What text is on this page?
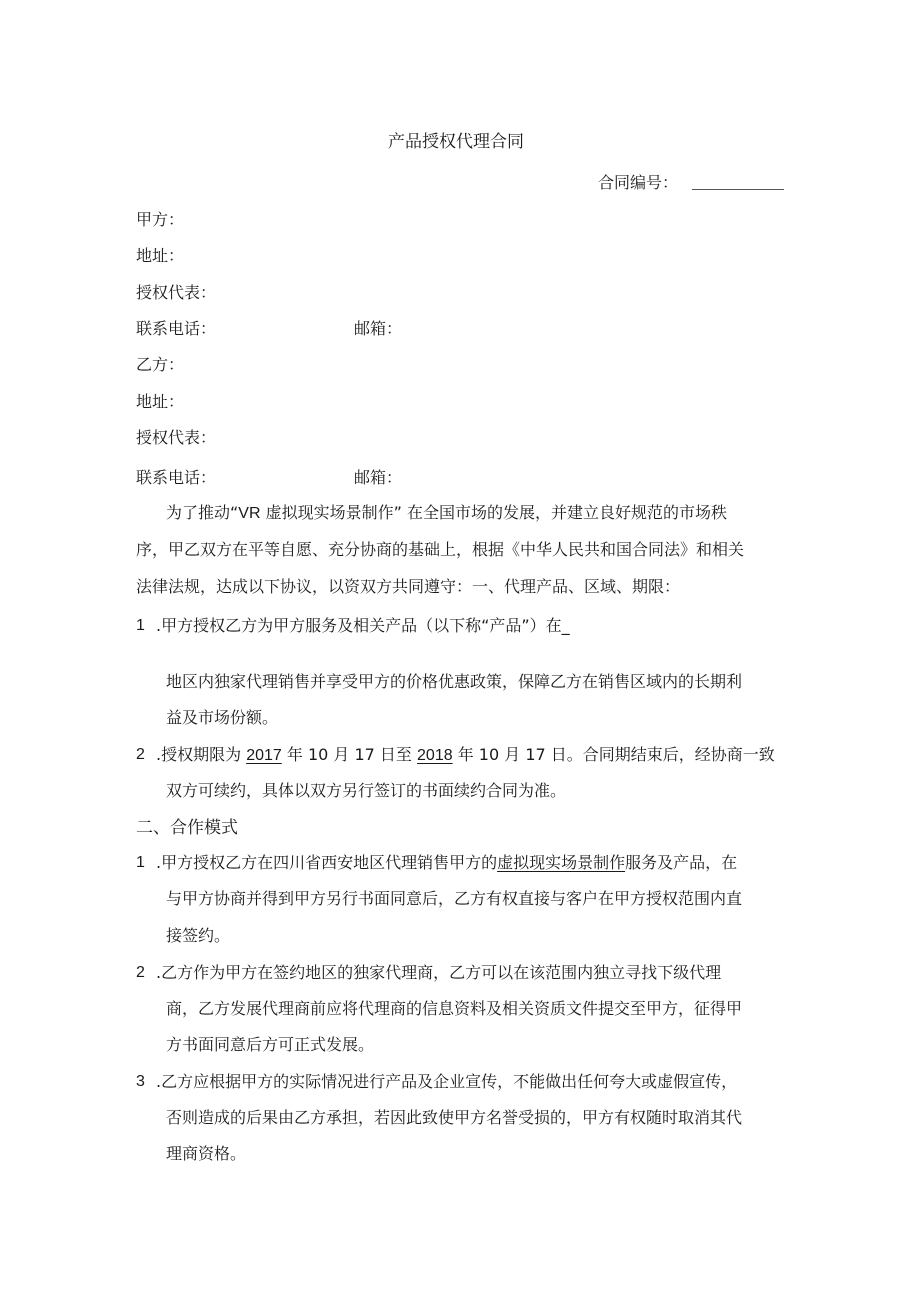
产品授权代理合同
合同编号：
甲方：
地址：
授权代表：
联系电话：	邮箱：
乙方：
地址：
授权代表：
联系电话：	邮箱：
为了推动“VR 虚拟现实场景制作” 在全国市场的发展，并建立良好规范的市场秩
序，甲乙双方在平等自愿、充分协商的基础上，根据《中华人民共和国合同法》和相关
法律法规，达成以下协议，以资双方共同遵守：一、代理产品、区域、期限：
1 .甲方授权乙方为甲方服务及相关产品（以下称“产品”）在_
地区内独家代理销售并享受甲方的价格优惠政策，保障乙方在销售区域内的长期利
益及市场份额。
2 .授权期限为 2017 年 10 月 17 日至 2018 年 10 月 17 日。合同期结束后，经协商一致
双方可续约，具体以双方另行签订的书面续约合同为准。
二、合作模式
1 .甲方授权乙方在四川省西安地区代理销售甲方的虚拟现实场景制作服务及产品，在
与甲方协商并得到甲方另行书面同意后，乙方有权直接与客户在甲方授权范围内直
接签约。
2 .乙方作为甲方在签约地区的独家代理商，乙方可以在该范围内独立寻找下级代理
商，乙方发展代理商前应将代理商的信息资料及相关资质文件提交至甲方，征得甲
方书面同意后方可正式发展。
3 .乙方应根据甲方的实际情况进行产品及企业宣传，不能做出任何夸大或虚假宣传，
否则造成的后果由乙方承担，若因此致使甲方名誉受损的，甲方有权随时取消其代
理商资格。
